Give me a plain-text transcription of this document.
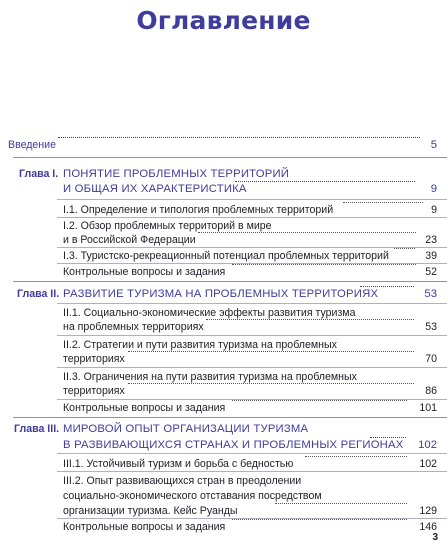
Оглавление
Введение	5
Глава I. ПОНЯТИЕ ПРОБЛЕМНЫХ ТЕРРИТОРИЙ
И ОБЩАЯ ИХ ХАРАКТЕРИСТИКА	9
I.1. Определение и типология проблемных территорий	9
I.2. Обзор проблемных территорий в мире
и в Российской Федерации	23
I.3. Туристско-рекреационный потенциал проблемных территорий	39
Контрольные вопросы и задания	52
Глава II. РАЗВИТИЕ ТУРИЗМА НА ПРОБЛЕМНЫХ ТЕРРИТОРИЯХ	53
II.1. Социально-экономические эффекты развития туризма
на проблемных территориях	53
II.2. Стратегии и пути развития туризма на проблемных
территориях	70
II.3. Ограничения на пути развития туризма на проблемных
территориях	86
Контрольные вопросы и задания	101
Глава III. МИРОВОЙ ОПЫТ ОРГАНИЗАЦИИ ТУРИЗМА
В РАЗВИВАЮЩИХСЯ СТРАНАХ И ПРОБЛЕМНЫХ РЕГИОНАХ 102
III.1. Устойчивый туризм и борьба с бедностью	102
III.2. Опыт развивающихся стран в преодолении
социально-экономического отставания посредством
организации туризма. Кейс Руанды	129
Контрольные вопросы и задания	146
3
